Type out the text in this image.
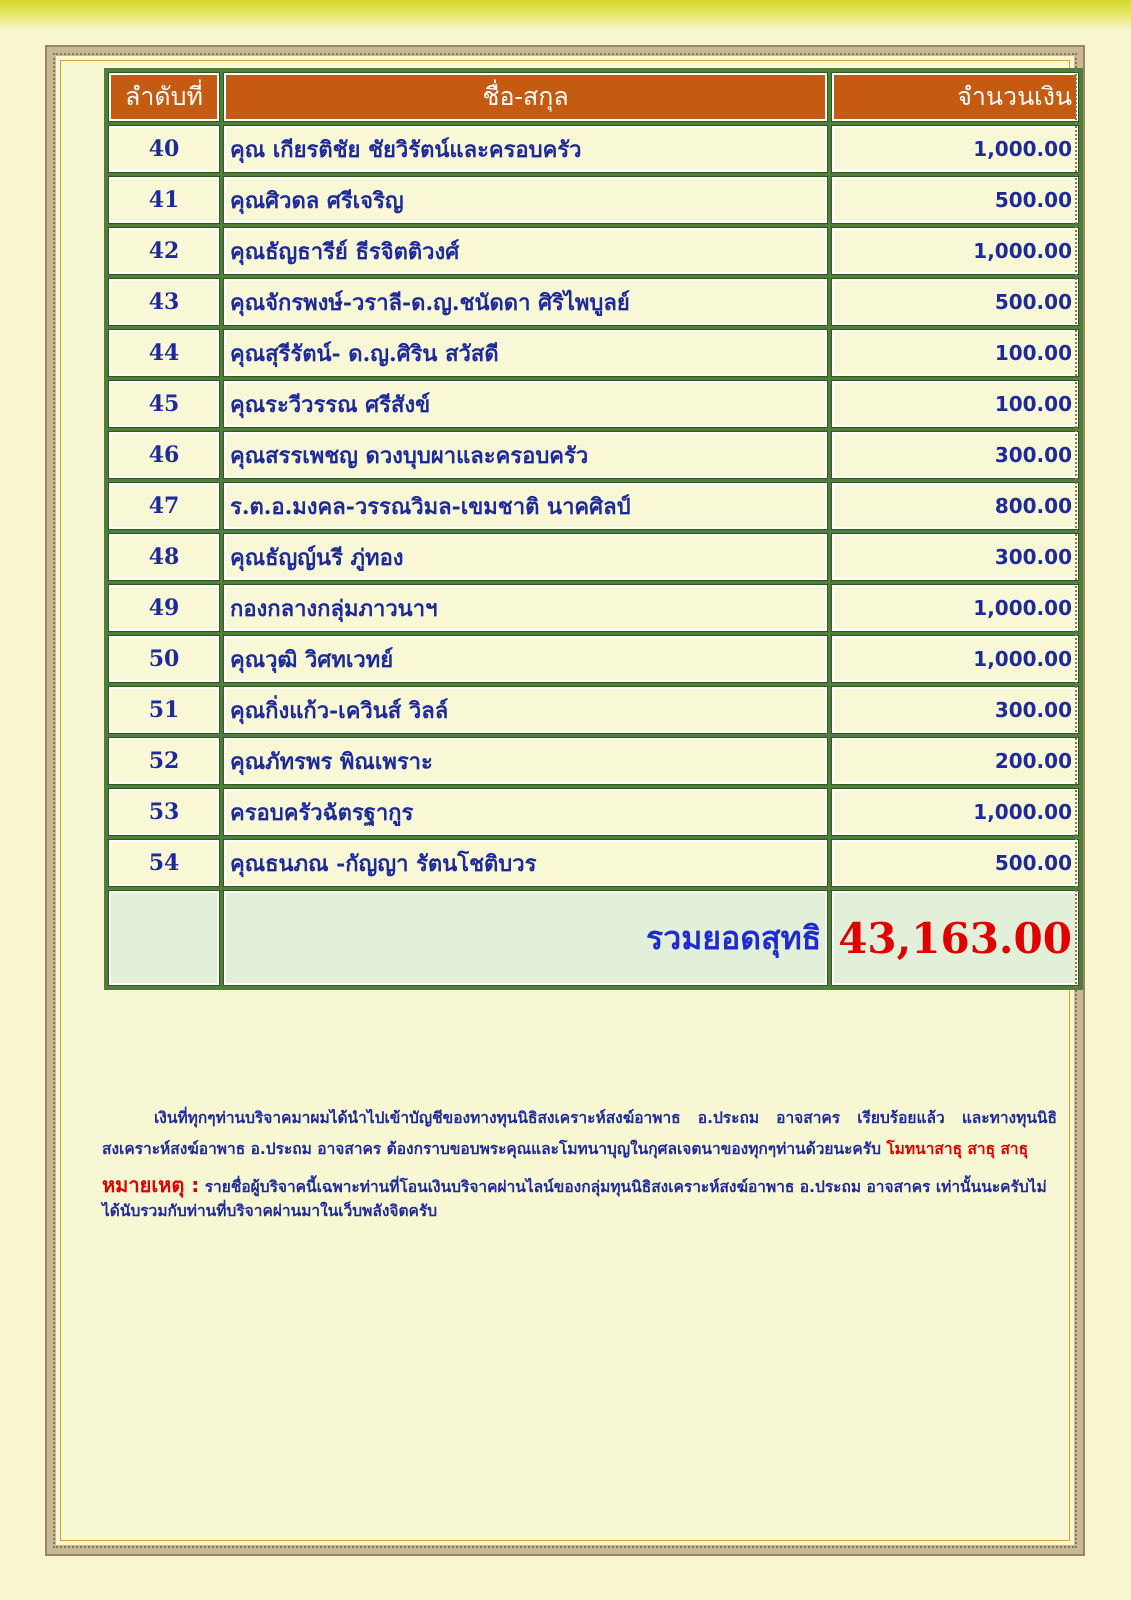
ลำดับที่	ชื่อ-สกุล	จำนวนเงิน
40	คุณ เกียรติชัย ชัยวิรัตน์และครอบครัว	1,000.00
41	คุณศิวดล ศรีเจริญ	500.00
42	คุณธัญธารีย์ ธีรจิตติวงศ์	1,000.00
43	คุณจักรพงษ์-วราลี-ด.ญ.ชนัดดา ศิริไพบูลย์	500.00
44	คุณสุรีรัตน์- ด.ญ.ศิริน สวัสดี	100.00
45	คุณระวีวรรณ ศรีสังข์	100.00
46	คุณสรรเพชญ ดวงบุบผาและครอบครัว	300.00
47	ร.ต.อ.มงคล-วรรณวิมล-เขมชาติ นาคศิลป์	800.00
48	คุณธัญญ์นรี ภู่ทอง	300.00
49	กองกลางกลุ่มภาวนาฯ	1,000.00
50	คุณวุฒิ วิศทเวทย์	1,000.00
51	คุณกิ่งแก้ว-เควินส์ วิลล์	300.00
52	คุณภัทรพร พิณเพราะ	200.00
53	ครอบครัวฉัตรฐากูร	1,000.00
54	คุณธนภณ -กัญญา รัตนโชติบวร	500.00
	รวมยอดสุทธิ	43,163.00

เงินที่ทุกๆท่านบริจาคมาผมได้นำไปเข้าบัญชีของทางทุนนิธิสงเคราะห์สงฆ์อาพาธ อ.ประถม อาจสาคร เรียบร้อยแล้ว และทางทุนนิธิสงเคราะห์สงฆ์อาพาธ อ.ประถม อาจสาคร ต้องกราบขอบพระคุณและโมทนาบุญในกุศลเจตนาของทุกๆท่านด้วยนะครับ โมทนาสาธุ สาธุ สาธุ

หมายเหตุ : รายชื่อผู้บริจาคนี้เฉพาะท่านที่โอนเงินบริจาคผ่านไลน์ของกลุ่มทุนนิธิสงเคราะห์สงฆ์อาพาธ อ.ประถม อาจสาคร เท่านั้นนะครับไม่ได้นับรวมกับท่านที่บริจาคผ่านมาในเว็บพลังจิตครับ
